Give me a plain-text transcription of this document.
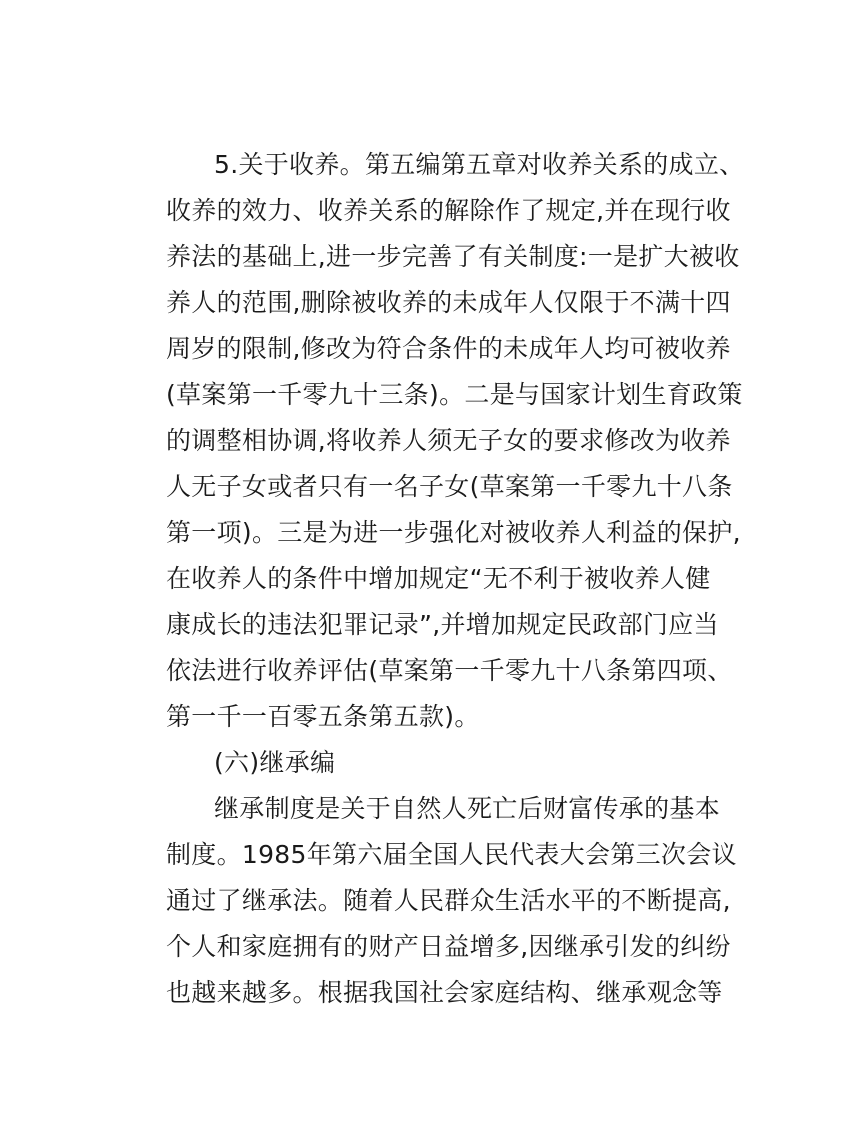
5.关于收养。第五编第五章对收养关系的成立、
收养的效力、收养关系的解除作了规定,并在现行收
养法的基础上,进一步完善了有关制度:一是扩大被收
养人的范围,删除被收养的未成年人仅限于不满十四
周岁的限制,修改为符合条件的未成年人均可被收养
(草案第一千零九十三条)。二是与国家计划生育政策
的调整相协调,将收养人须无子女的要求修改为收养
人无子女或者只有一名子女(草案第一千零九十八条
第一项)。三是为进一步强化对被收养人利益的保护,
在收养人的条件中增加规定“无不利于被收养人健
康成长的违法犯罪记录”,并增加规定民政部门应当
依法进行收养评估(草案第一千零九十八条第四项、
第一千一百零五条第五款)。
(六)继承编
继承制度是关于自然人死亡后财富传承的基本
制度。1985年第六届全国人民代表大会第三次会议
通过了继承法。随着人民群众生活水平的不断提高,
个人和家庭拥有的财产日益增多,因继承引发的纠纷
也越来越多。根据我国社会家庭结构、继承观念等
